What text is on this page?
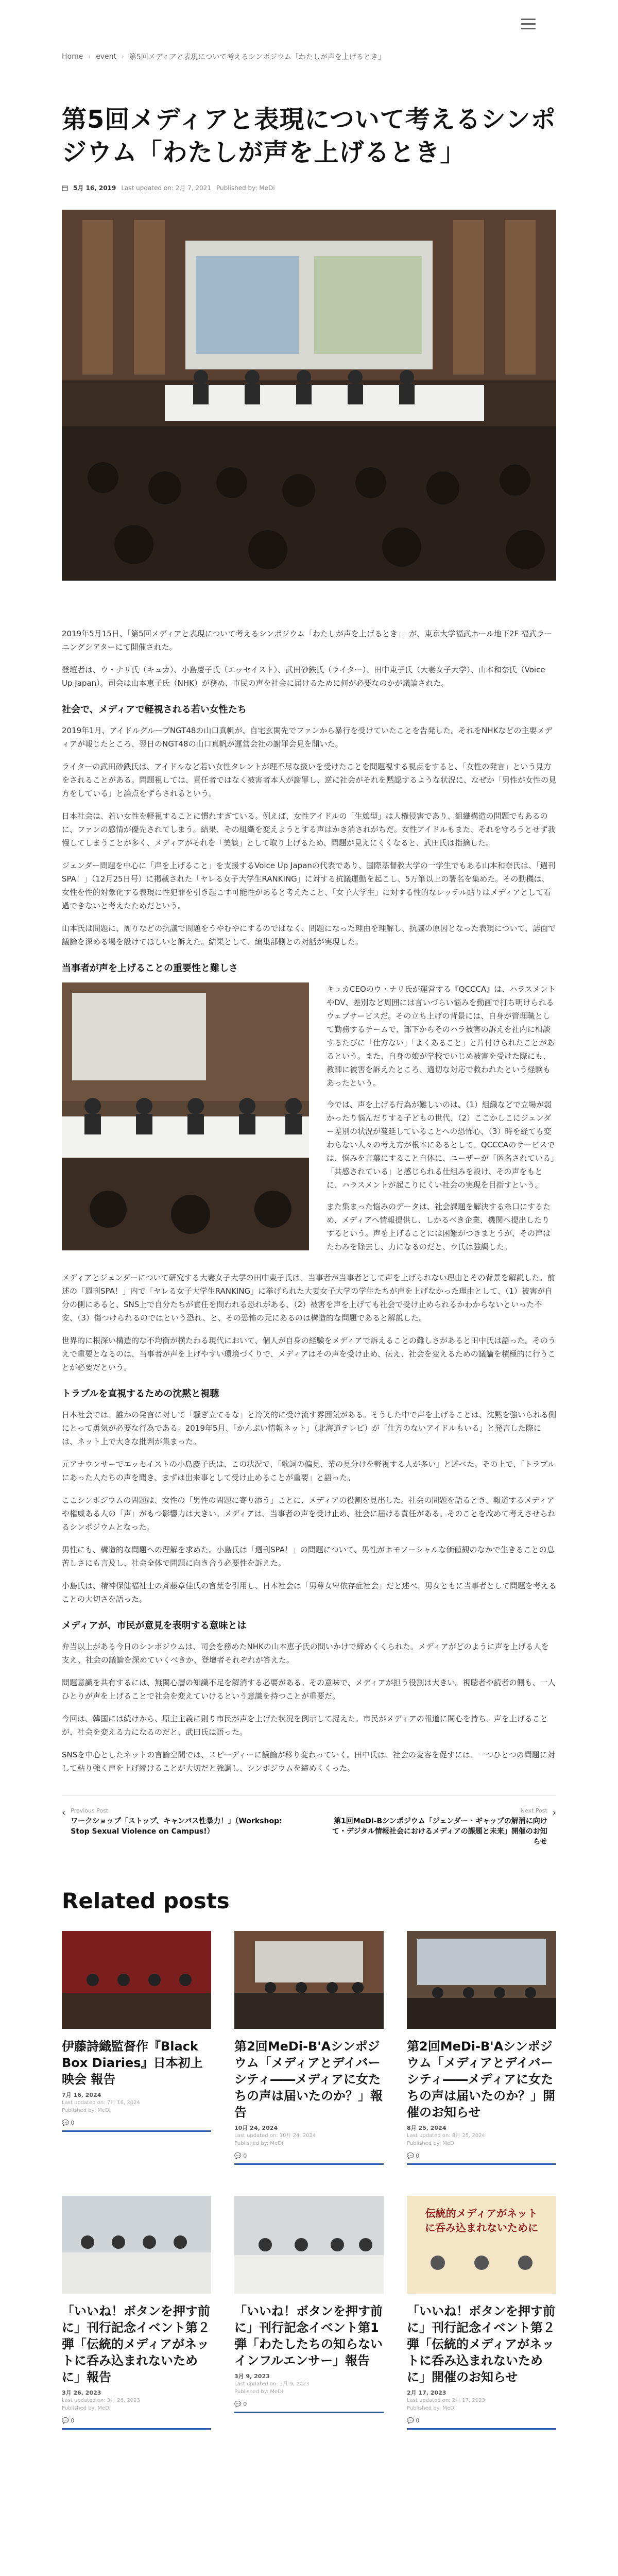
Home › event › 第5回メディアと表現について考えるシンポジウム「わたしが声を上げるとき」
第5回メディアと表現について考えるシンポジウム「わたしが声を上げるとき」
5月 16, 2019 Last updated on: 2月 7, 2021 Published by: MeDi

2019年5月15日、「第5回メディアと表現について考えるシンポジウム「わたしが声を上げるとき」」が、東京大学福武ホール地下2F 福武ラーニングシアターにて開催された。

登壇者は、ウ・ナリ氏（キュカ）、小島慶子氏（エッセイスト）、武田砂鉄氏（ライター）、田中東子氏（大妻女子大学）、山本和奈氏（Voice Up Japan）。司会は山本恵子氏（NHK）が務め、市民の声を社会に届けるために何が必要なのかが議論された。

社会で、メディアで軽視される若い女性たち

2019年1月、アイドルグループNGT48の山口真帆が、自宅玄関先でファンから暴行を受けていたことを告発した。それをNHKなどの主要メディアが報じたところ、翌日のNGT48の山口真帆が運営会社の謝罪会見を開いた。

ライターの武田砂鉄氏は、アイドルなど若い女性タレントが理不尽な扱いを受けたことを問題視する視点をすると、「女性の発言」という見方をされることがある。問題視しては、責任者ではなく被害者本人が謝罪し、逆に社会がそれを黙認するような状況に、なぜか「男性が女性の見方をしている」と論点をずらされるという。

日本社会は、若い女性を軽視することに慣れすぎている。例えば、女性アイドルの「生娘型」は人権侵害であり、組織構造の問題でもあるのに、ファンの感情が優先されてしまう。結果、その組織を変えようとする声はかき消されがちだ。女性アイドルもまた、それを守ろうとせず我慢してしまうことが多く、メディアがそれを「美談」として取り上げるため、問題が見えにくくなると、武田氏は指摘した。

ジェンダー問題を中心に「声を上げること」を支援するVoice Up Japanの代表であり、国際基督教大学の一学生でもある山本和奈氏は、「週刊SPA！」（12月25日号）に掲載された「ヤレる女子大学生RANKING」に対する抗議運動を起こし、5万筆以上の署名を集めた。その動機は、女性を性的対象化する表現に性犯罪を引き起こす可能性があると考えたこと、「女子大学生」に対する性的なレッテル貼りはメディアとして看過できないと考えたためだという。

山本氏は問題に、周りなどの抗議で問題をうやむやにするのではなく、問題になった理由を理解し、抗議の原因となった表現について、誌面で議論を深める場を設けてほしいと訴えた。結果として、編集部側との対話が実現した。

当事者が声を上げることの重要性と難しさ

キュカCEOのウ・ナリ氏が運営する『QCCCA』は、ハラスメントやDV、差別など周囲には言いづらい悩みを動画で打ち明けられるウェブサービスだ。その立ち上げの背景には、自身が管理職として勤務するチームで、部下からそのハラ被害の訴えを社内に相談するたびに「仕方ない」「よくあること」と片付けられたことがあるという。また、自身の娘が学校でいじめ被害を受けた際にも、教師に被害を訴えたところ、適切な対応で救われたという経験もあったという。

今では、声を上げる行為が難しいのは、（1）組織などで立場が弱かったり悩んだりする子どもの世代、（2）ここかしこにジェンダー差別の状況が蔓延していることへの恐怖心、（3）時を経ても変わらない人々の考え方が根本にあるとして、QCCCAのサービスでは、悩みを言葉にすること自体に、ユーザーが「匿名されている」「共感されている」と感じられる仕組みを設け、その声をもとに、ハラスメントが起こりにくい社会の実現を目指すという。

また集まった悩みのデータは、社会課題を解決する糸口にするため、メディアへ情報提供し、しかるべき企業、機関へ提出したりするという。声を上げることには困難がつきまとうが、その声はたわみを除去し、力になるのだと、ウ氏は強調した。

メディアとジェンダーについて研究する大妻女子大学の田中東子氏は、当事者が当事者として声を上げられない理由とその背景を解説した。前述の「週刊SPA！」内で「ヤレる女子大学生RANKING」に挙げられた大妻女子大学の学生たちが声を上げなかった理由として、（1）被害が自分の側にあると、SNS上で自分たちが責任を問われる恐れがある、（2）被害を声を上げても社会で受け止められるかわからないといった不安、（3）傷つけられるのではという恐れ、と、その恐怖の元にあるのは構造的な問題であると解説した。

世界的に根深い構造的な不均衡が横たわる現代において、個人が自身の経験をメディアで訴えることの難しさがあると田中氏は語った。そのうえで重要となるのは、当事者が声を上げやすい環境づくりで、メディアはその声を受け止め、伝え、社会を変えるための議論を積極的に行うことが必要だという。

トラブルを直視するための沈黙と視聴

日本社会では、誰かの発言に対して「騒ぎ立てるな」と冷笑的に受け流す雰囲気がある。そうした中で声を上げることは、沈黙を強いられる側にとって勇気が必要な行為である。2019年5月、「かんぷい情報ネット」（北海道テレビ）が「仕方のないアイドルもいる」と発言した際には、ネット上で大きな批判が集まった。

元アナウンサーでエッセイストの小島慶子氏は、この状況で、「歌詞の偏見、業の見分けを軽視する人が多い」と述べた。その上で、「トラブルにあった人たちの声を聞き、まずは出来事として受け止めることが重要」と語った。

ここシンポジウムの問題は、女性の「男性の問題に寄り添う」ことに、メディアの役割を見出した。社会の問題を語るとき、報道するメディアや権威ある人の「声」がもつ影響力は大きい。メディアは、当事者の声を受け止め、社会に届ける責任がある。そのことを改めて考えさせられるシンポジウムとなった。

男性にも、構造的な問題への理解を求めた。小島氏は「週刊SPA！」の問題について、男性がホモソーシャルな価値観のなかで生きることの息苦しさにも言及し、社会全体で問題に向き合う必要性を訴えた。

小島氏は、精神保健福祉士の斉藤章佳氏の言葉を引用し、日本社会は「男尊女卑依存症社会」だと述べ、男女ともに当事者として問題を考えることの大切さを語った。

メディアが、市民が意見を表明する意味とは

弁当以上がある今日のシンポジウムは、司会を務めたNHKの山本恵子氏の問いかけで締めくくられた。メディアがどのように声を上げる人を支え、社会の議論を深めていくべきか、登壇者それぞれが答えた。

問題意識を共有するには、無関心層の知識不足を解消する必要がある。その意味で、メディアが担う役割は大きい。視聴者や読者の側も、一人ひとりが声を上げることで社会を変えていけるという意識を持つことが重要だ。

今回は、韓国には続けから、原主主義に則り市民が声を上げた状況を例示して捉えた。市民がメディアの報道に関心を持ち、声を上げることが、社会を変える力になるのだと、武田氏は語った。

SNSを中心としたネットの言論空間では、スピーディーに議論が移り変わっていく。田中氏は、社会の変容を促すには、一つひとつの問題に対して粘り強く声を上げ続けることが大切だと強調し、シンポジウムを締めくくった。

‹ Previous Post
ワークショップ「ストップ、キャンパス性暴力！」（Workshop: Stop Sexual Violence on Campus!）
Next Post
第1回MeDi-Bシンポジウム「ジェンダー・ギャップの解消に向けて・デジタル情報社会におけるメディアの課題と未来」開催のお知らせ
›
Related posts
伊藤詩織監督作『Black Box Diaries』日本初上映会 報告
7月 16, 2024
Last updated on: 7月 16, 2024
Published by: MeDi
💬 0
第2回MeDi-B'Aシンポジウム「メディアとデイバーシティ――メディアに女たちの声は届いたのか？」報告
10月 24, 2024
Last updated on: 10月 24, 2024
Published by: MeDi
💬 0
第2回MeDi-B'Aシンポジウム「メディアとデイバーシティ――メディアに女たちの声は届いたのか？」開催のお知らせ
8月 25, 2024
Last updated on: 8月 25, 2024
Published by: MeDi
💬 0
「いいね！ボタンを押す前に」刊行記念イベント第２弾「伝統的メディアがネットに呑み込まれないために」報告
3月 26, 2023
Last updated on: 3月 26, 2023
Published by: MeDi
💬 0
「いいね！ボタンを押す前に」刊行記念イベント第1弾「わたしたちの知らないインフルエンサー」報告
3月 9, 2023
Last updated on: 3月 9, 2023
Published by: MeDi
💬 0
伝統的メディアがネット
に呑み込まれないために
「いいね！ボタンを押す前に」刊行記念イベント第２弾「伝統的メディアがネットに呑み込まれないために」開催のお知らせ
2月 17, 2023
Last updated on: 2月 17, 2023
Published by: MeDi
💬 0
